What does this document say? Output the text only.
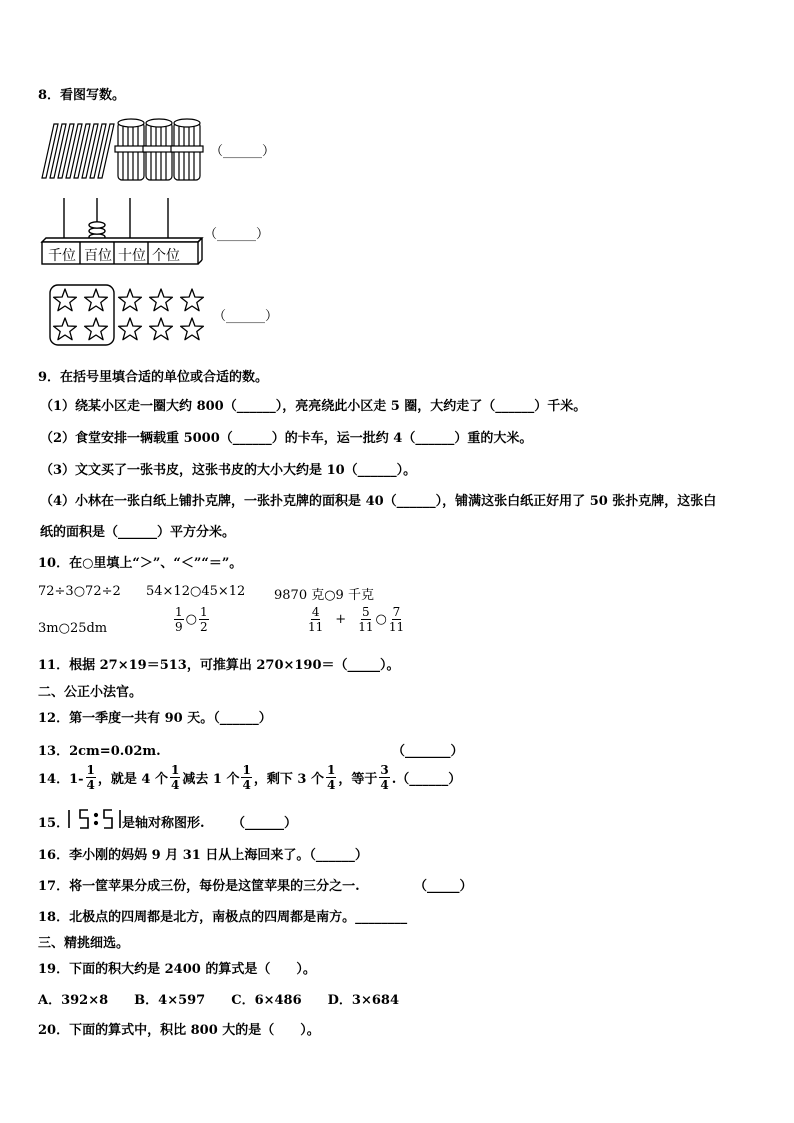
8．看图写数。
（______）
千位 百位 十位 个位
（______）
（______）
9．在括号里填合适的单位或合适的数。
（1）绕某小区走一圈大约 800（______），亮亮绕此小区走 5 圈，大约走了（______）千米。
（2）食堂安排一辆载重 5000（______）的卡车，运一批约 4（______）重的大米。
（3）文文买了一张书皮，这张书皮的大小大约是 10（______）。
（4）小林在一张白纸上铺扑克牌，一张扑克牌的面积是 40（______），铺满这张白纸正好用了 50 张扑克牌，这张白
纸的面积是（______）平方分米。
10．在○里填上“＞”、“＜”“＝”。
72÷3○72÷2 54×12○45×12 9870 克○9 千克
3m○25dm	$\frac{1}{9}$ ○ $\frac{1}{2}$	$\frac{4}{11} + \frac{5}{11}$ ○ $\frac{7}{11}$
11．根据 27×19＝513，可推算出 270×190＝（_____）。
二、公正小法官。
12．第一季度一共有 90 天。（______）
13．2cm=0.02m.	（_______）
14．$1- \frac{1}{4}$ ，就是 4 个 $\frac{1}{4}$ 减去 1 个 $\frac{1}{4}$ ，剩下 3 个 $\frac{1}{4}$ ，等于 $\frac{3}{4}$ .（______）
15．	是轴对称图形. （______）
16．李小刚的妈妈 9 月 31 日从上海回来了。（______）
17．将一筐苹果分成三份，每份是这筐苹果的三分之一.	（_____）
18．北极点的四周都是北方，南极点的四周都是南方。________
三、精挑细选。
19．下面的积大约是 2400 的算式是（　　）。
A．392×8　　B．4×597　　C．6×486　　D．3×684
20．下面的算式中，积比 800 大的是（　　）。
